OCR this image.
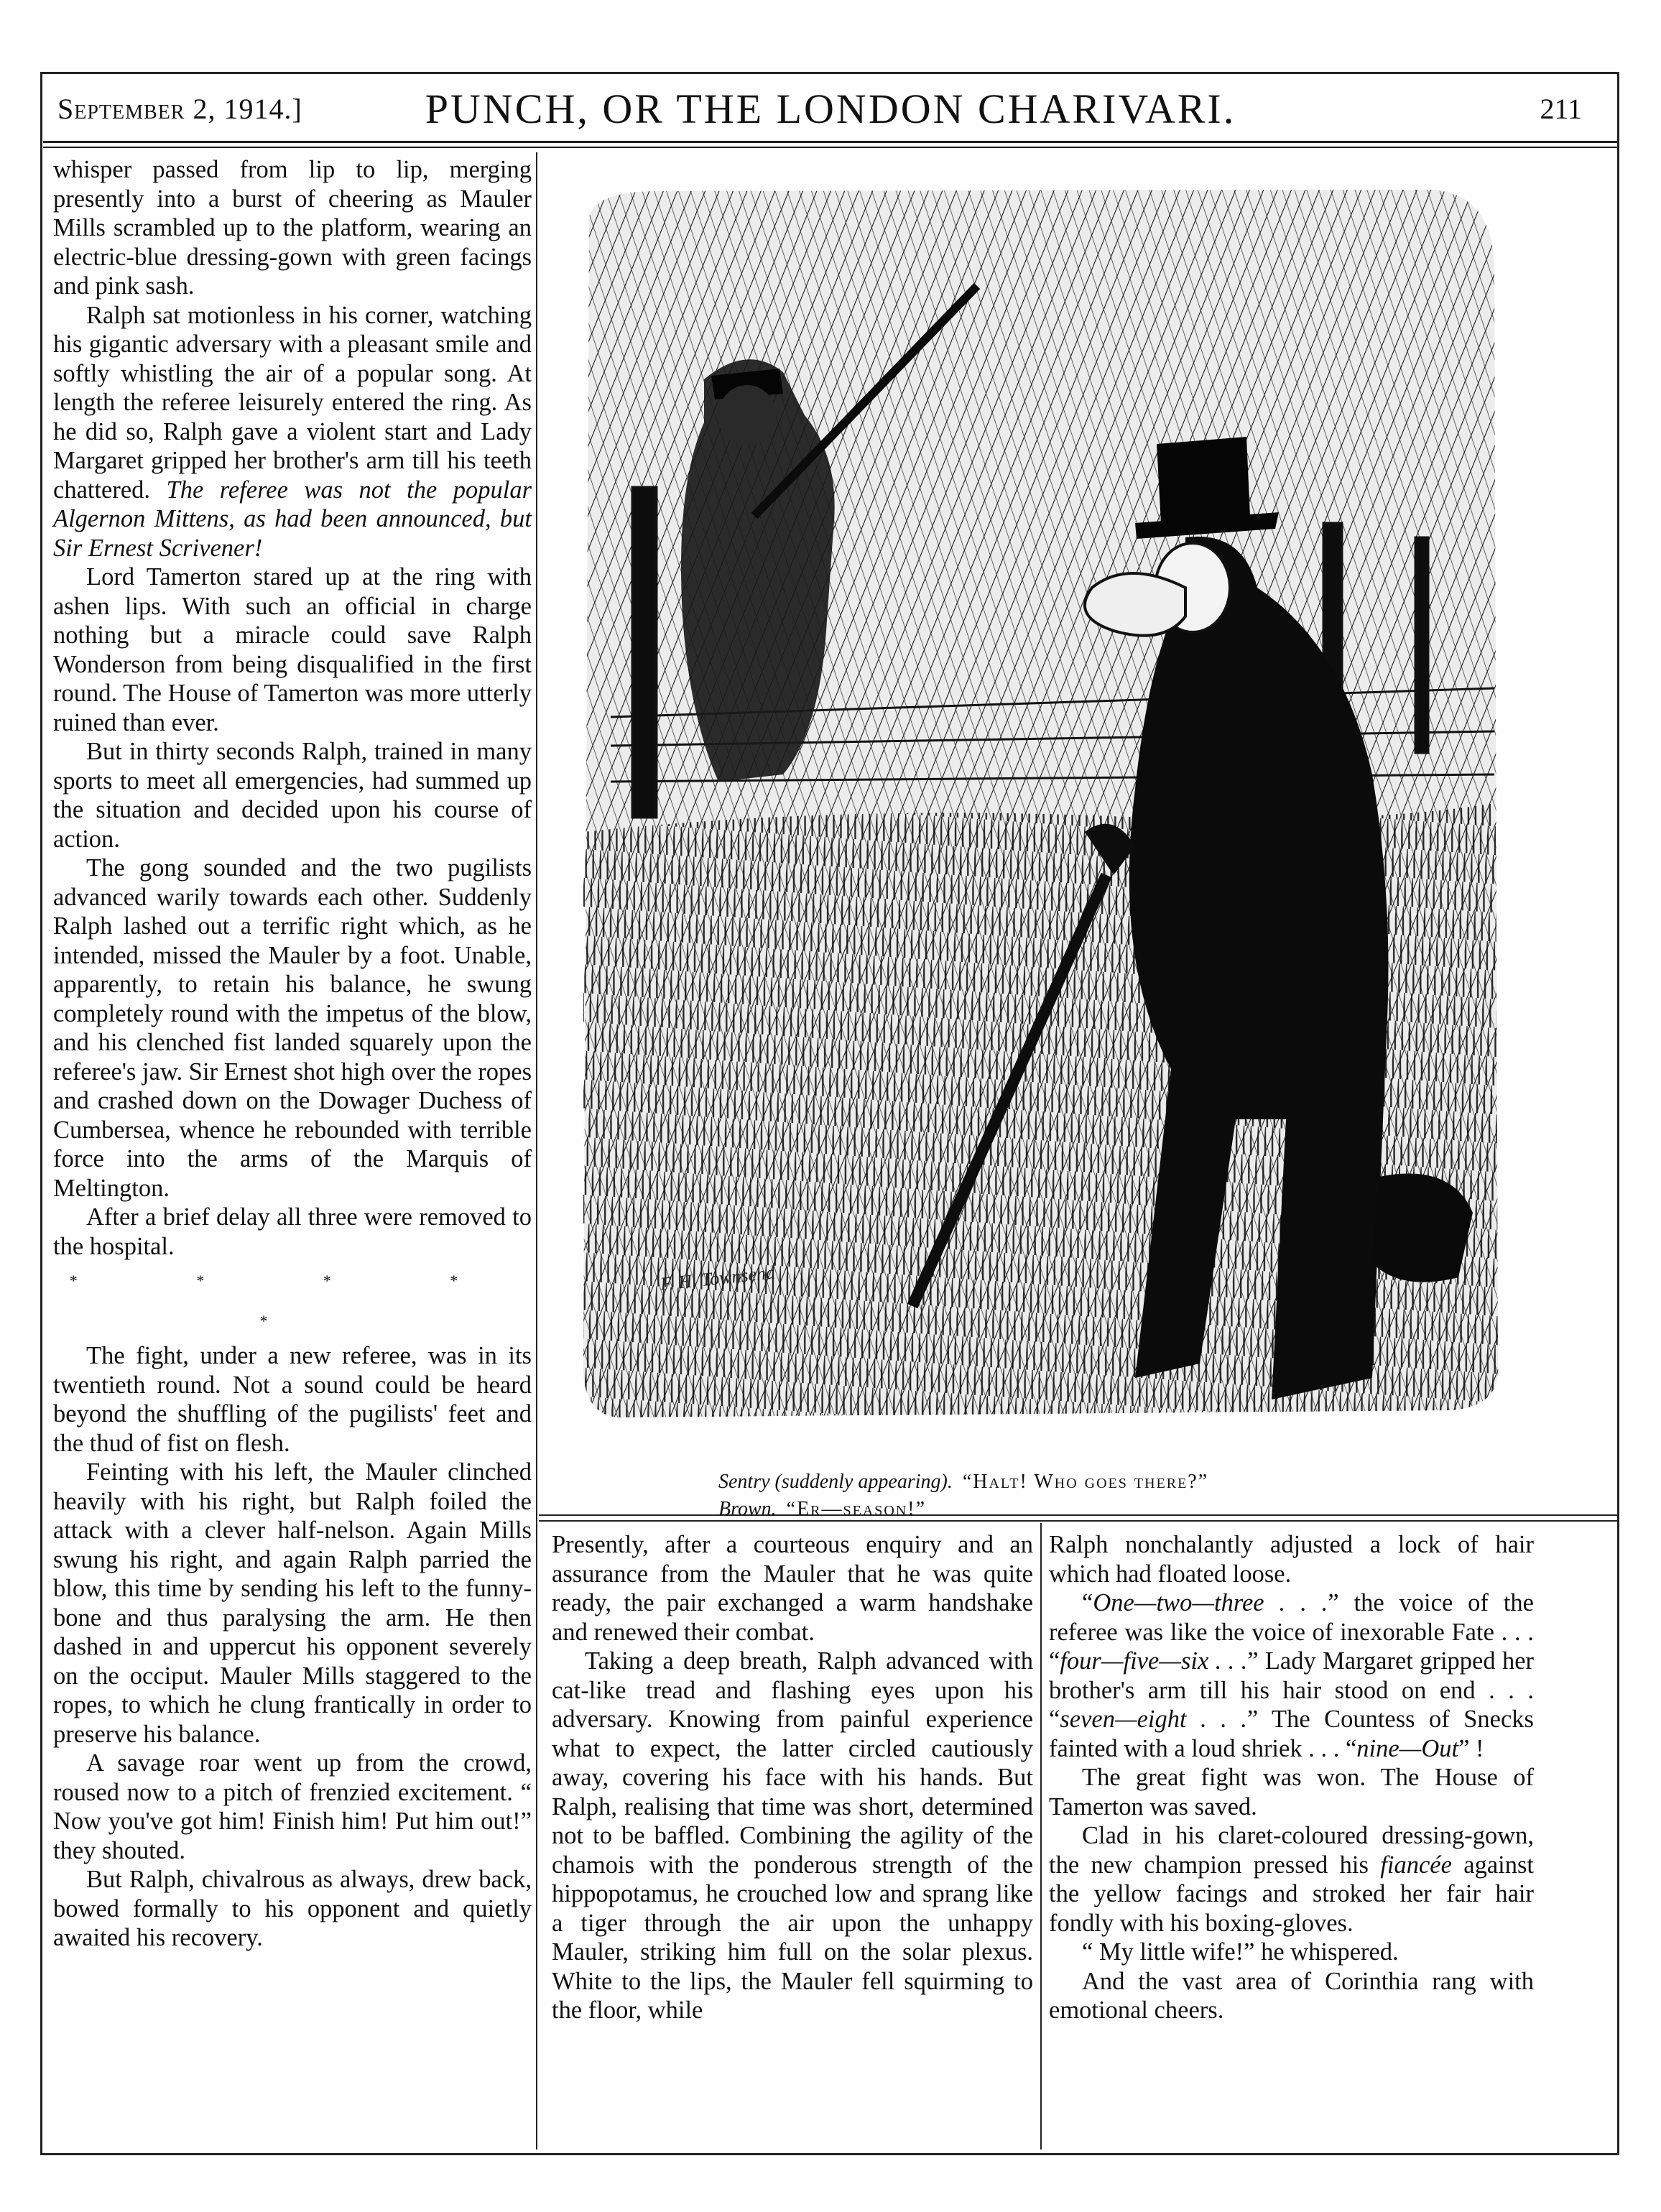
September 2, 1914.]	PUNCH, OR THE LONDON CHARIVARI.	211

whisper passed from lip to lip, merging presently into a burst of cheering as Mauler Mills scrambled up to the platform, wearing an electric-blue dressing-gown with green facings and pink sash.

Ralph sat motionless in his corner, watching his gigantic adversary with a pleasant smile and softly whistling the air of a popular song. At length the referee leisurely entered the ring. As he did so, Ralph gave a violent start and Lady Margaret gripped her brother's arm till his teeth chattered. The referee was not the popular Algernon Mittens, as had been announced, but Sir Ernest Scrivener!

Lord Tamerton stared up at the ring with ashen lips. With such an official in charge nothing but a miracle could save Ralph Wonderson from being disqualified in the first round. The House of Tamerton was more utterly ruined than ever.

But in thirty seconds Ralph, trained in many sports to meet all emergencies, had summed up the situation and decided upon his course of action.

The gong sounded and the two pugilists advanced warily towards each other. Suddenly Ralph lashed out a terrific right which, as he intended, missed the Mauler by a foot. Unable, apparently, to retain his balance, he swung completely round with the impetus of the blow, and his clenched fist landed squarely upon the referee's jaw. Sir Ernest shot high over the ropes and crashed down on the Dowager Duchess of Cumbersea, whence he rebounded with terrible force into the arms of the Marquis of Meltington.

After a brief delay all three were removed to the hospital.

* * * * *

The fight, under a new referee, was in its twentieth round. Not a sound could be heard beyond the shuffling of the pugilists' feet and the thud of fist on flesh.

Feinting with his left, the Mauler clinched heavily with his right, but Ralph foiled the attack with a clever half-nelson. Again Mills swung his right, and again Ralph parried the blow, this time by sending his left to the funny-bone and thus paralysing the arm. He then dashed in and uppercut his opponent severely on the occiput. Mauler Mills staggered to the ropes, to which he clung frantically in order to preserve his balance.

A savage roar went up from the crowd, roused now to a pitch of frenzied excitement. “ Now you've got him! Finish him! Put him out!” they shouted.

But Ralph, chivalrous as always, drew back, bowed formally to his opponent and quietly awaited his recovery.

F. H. Townsend
Sentry (suddenly appearing). “Halt! Who goes there?”
Brown. “Er—season!”

Presently, after a courteous enquiry and an assurance from the Mauler that he was quite ready, the pair exchanged a warm handshake and renewed their combat.

Taking a deep breath, Ralph advanced with cat-like tread and flashing eyes upon his adversary. Knowing from painful experience what to expect, the latter circled cautiously away, covering his face with his hands. But Ralph, realising that time was short, determined not to be baffled. Combining the agility of the chamois with the ponderous strength of the hippopotamus, he crouched low and sprang like a tiger through the air upon the unhappy Mauler, striking him full on the solar plexus. White to the lips, the Mauler fell squirming to the floor, while

Ralph nonchalantly adjusted a lock of hair which had floated loose.

“One—two—three . . .” the voice of the referee was like the voice of inexorable Fate . . . “four—five—six . . .” Lady Margaret gripped her brother's arm till his hair stood on end . . . “seven—eight . . .” The Countess of Snecks fainted with a loud shriek . . . “nine—Out” !

The great fight was won. The House of Tamerton was saved.

Clad in his claret-coloured dressing-gown, the new champion pressed his fiancée against the yellow facings and stroked her fair hair fondly with his boxing-gloves.

“ My little wife!” he whispered.

And the vast area of Corinthia rang with emotional cheers.
